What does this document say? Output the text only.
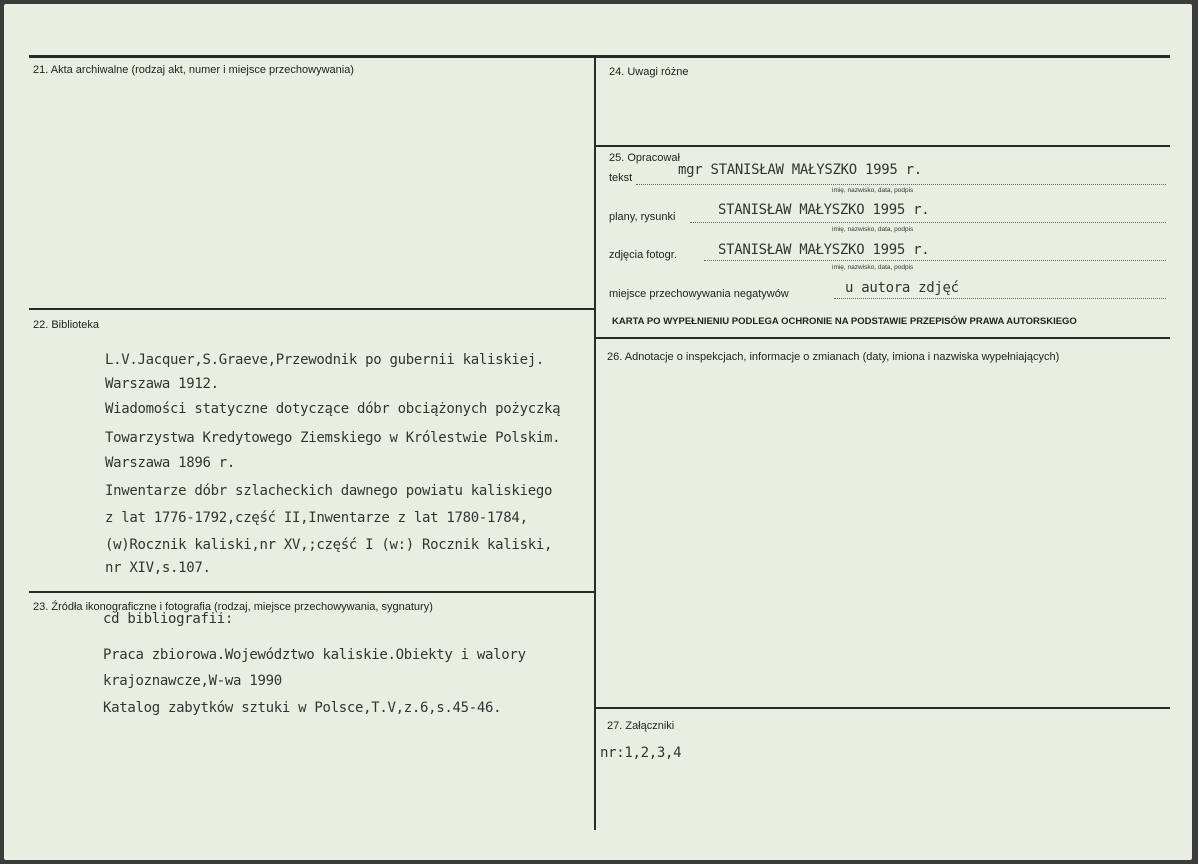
21. Akta archiwalne (rodzaj akt, numer i miejsce przechowywania)
22. Biblioteka
L.V.Jacquer,S.Graeve,Przewodnik po gubernii kaliskiej.
Warszawa 1912.
Wiadomości statyczne dotyczące dóbr obciążonych pożyczką
Towarzystwa Kredytowego Ziemskiego w Królestwie Polskim.
Warszawa 1896 r.
Inwentarze dóbr szlacheckich dawnego powiatu kaliskiego
z lat 1776-1792,część II,Inwentarze z lat 1780-1784,
(w)Rocznik kaliski,nr XV,;część I (w:) Rocznik kaliski,
nr XIV,s.107.
23. Źródła ikonograficzne i fotografia (rodzaj, miejsce przechowywania, sygnatury)
cd bibliografii:
Praca zbiorowa.Województwo kaliskie.Obiekty i walory
krajoznawcze,W-wa 1990
Katalog zabytków sztuki w Polsce,T.V,z.6,s.45-46.
24. Uwagi różne
25. Opracował
tekst	mgr STANISŁAW MAŁYSZKO 1995 r.
imię, nazwisko, data, podpis
plany, rysunki	STANISŁAW MAŁYSZKO 1995 r.
imię, nazwisko, data, podpis
zdjęcia fotogr.	STANISŁAW MAŁYSZKO 1995 r.
imię, nazwisko, data, podpis
miejsce przechowywania negatywów	u autora zdjęć
KARTA PO WYPEŁNIENIU PODLEGA OCHRONIE NA PODSTAWIE PRZEPISÓW PRAWA AUTORSKIEGO
26. Adnotacje o inspekcjach, informacje o zmianach (daty, imiona i nazwiska wypełniających)
27. Załączniki
nr:1,2,3,4
